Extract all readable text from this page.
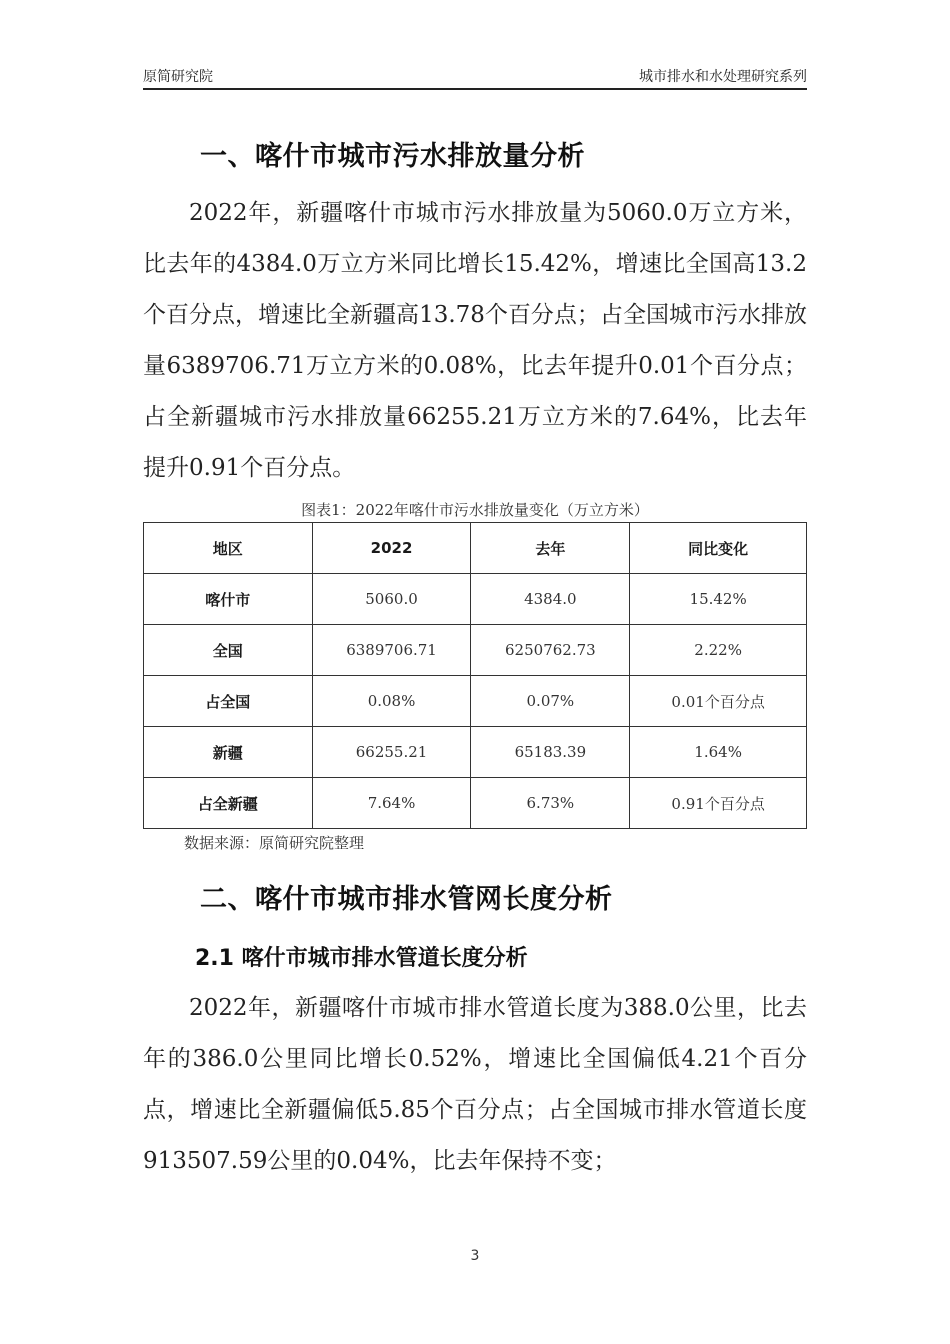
原简研究院	城市排水和水处理研究系列
一、喀什市城市污水排放量分析

2022年，新疆喀什市城市污水排放量为5060.0万立方米，比去年的4384.0万立方米同比增长15.42%，增速比全国高13.2个百分点，增速比全新疆高13.78个百分点；占全国城市污水排放量6389706.71万立方米的0.08%，比去年提升0.01个百分点；占全新疆城市污水排放量66255.21万立方米的7.64%，比去年提升0.91个百分点。

图表1：2022年喀什市污水排放量变化（万立方米）
地区	2022	去年	同比变化
喀什市	5060.0	4384.0	15.42%
全国	6389706.71	6250762.73	2.22%
占全国	0.08%	0.07%	0.01个百分点
新疆	66255.21	65183.39	1.64%
占全新疆	7.64%	6.73%	0.91个百分点
数据来源：原简研究院整理
二、喀什市城市排水管网长度分析
2.1 喀什市城市排水管道长度分析

2022年，新疆喀什市城市排水管道长度为388.0公里，比去年的386.0公里同比增长0.52%，增速比全国偏低4.21个百分点，增速比全新疆偏低5.85个百分点；占全国城市排水管道长度913507.59公里的0.04%，比去年保持不变；

3
